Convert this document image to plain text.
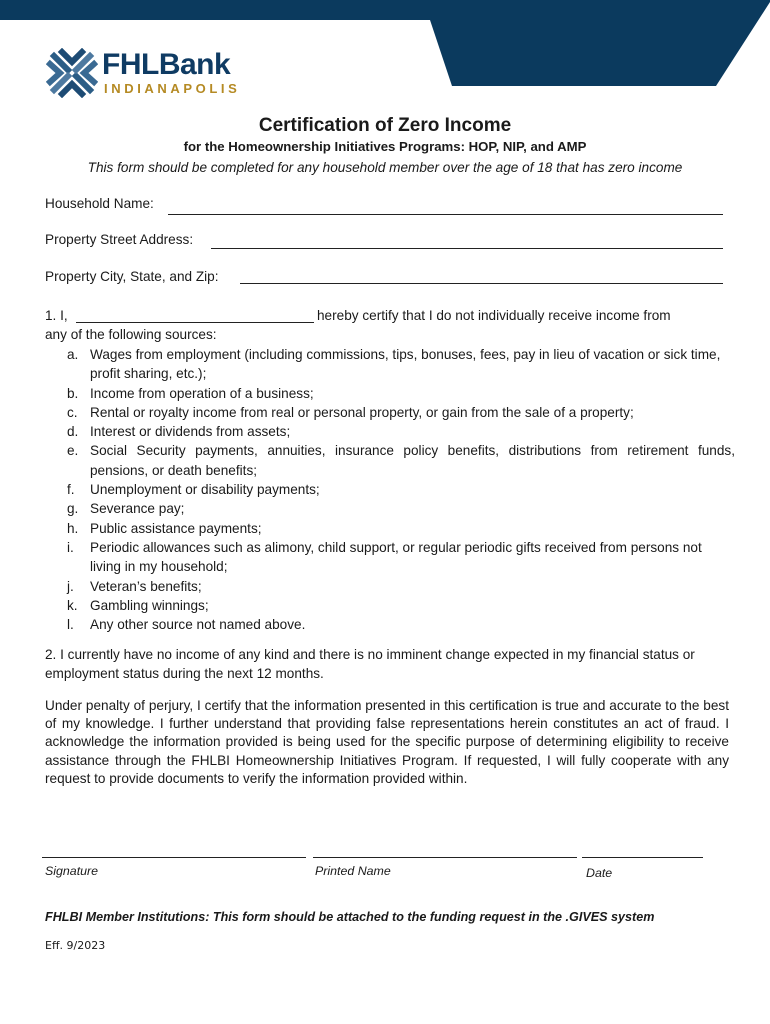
FHLBank
INDIANAPOLIS
Certification of Zero Income
for the Homeownership Initiatives Programs: HOP, NIP, and AMP
This form should be completed for any household member over the age of 18 that has zero income
Household Name:
Property Street Address:
Property City, State, and Zip:
1. I,	hereby certify that I do not individually receive income from
any of the following sources:
a. Wages from employment (including commissions, tips, bonuses, fees, pay in lieu of vacation or sick time, profit sharing, etc.);
b. Income from operation of a business;
c. Rental or royalty income from real or personal property, or gain from the sale of a property;
d. Interest or dividends from assets;
e. Social Security payments, annuities, insurance policy benefits, distributions from retirement funds, pensions, or death benefits;
f. Unemployment or disability payments;
g. Severance pay;
h. Public assistance payments;
i. Periodic allowances such as alimony, child support, or regular periodic gifts received from persons not living in my household;
j. Veteran’s benefits;
k. Gambling winnings;
l. Any other source not named above.
2. I currently have no income of any kind and there is no imminent change expected in my financial status or employment status during the next 12 months.
Under penalty of perjury, I certify that the information presented in this certification is true and accurate to the best of my knowledge. I further understand that providing false representations herein constitutes an act of fraud. I acknowledge the information provided is being used for the specific purpose of determining eligibility to receive assistance through the FHLBI Homeownership Initiatives Program. If requested, I will fully cooperate with any request to provide documents to verify the information provided within.
Signature	Printed Name	Date
FHLBI Member Institutions: This form should be attached to the funding request in the .GIVES system
Eff. 9/2023
